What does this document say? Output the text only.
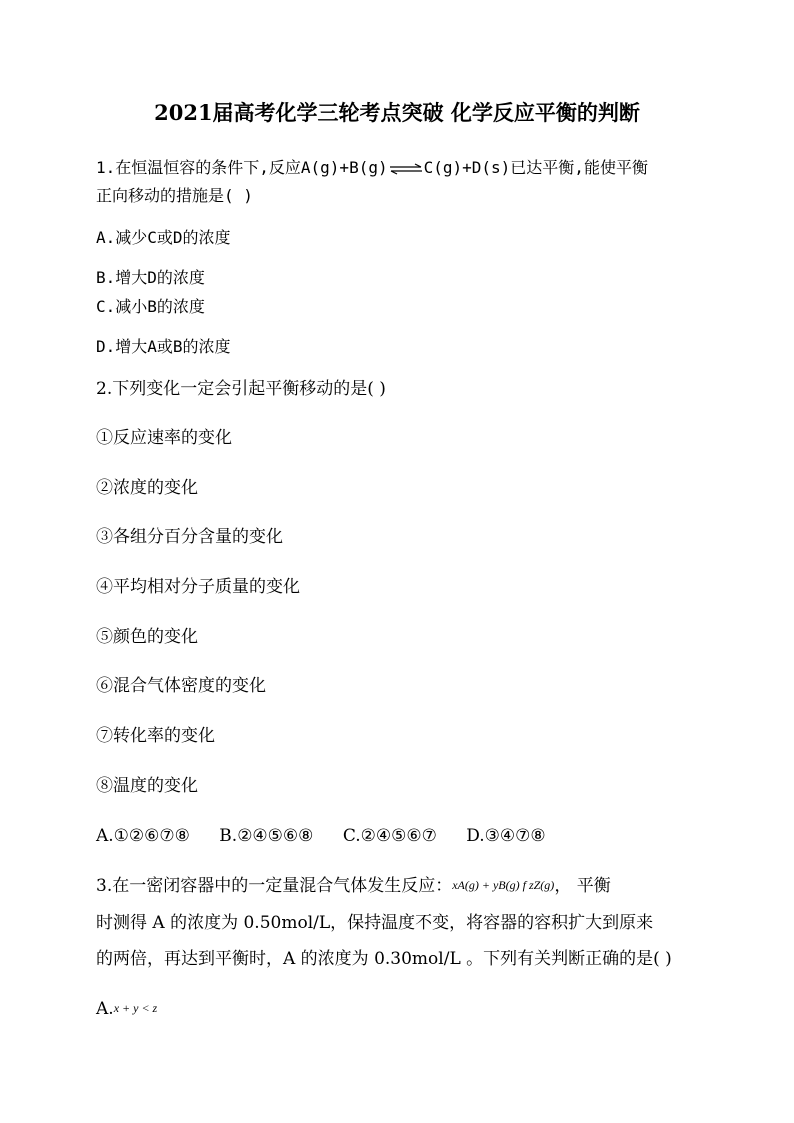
2021届高考化学三轮考点突破 化学反应平衡的判断
1.在恒温恒容的条件下,反应A(g)+B(g)⇌C(g)+D(s)已达平衡,能使平衡
正向移动的措施是( )
A.减少C或D的浓度
B.增大D的浓度
C.减小B的浓度
D.增大A或B的浓度
2.下列变化一定会引起平衡移动的是( )
①反应速率的变化
②浓度的变化
③各组分百分含量的变化
④平均相对分子质量的变化
⑤颜色的变化
⑥混合气体密度的变化
⑦转化率的变化
⑧温度的变化
A.①②⑥⑦⑧ B.②④⑤⑥⑧ C.②④⑤⑥⑦ D.③④⑦⑧
3.在一密闭容器中的一定量混合气体发生反应：xA(g) + yB(g) f zZ(g)， 平衡
时测得 A 的浓度为 0.50mol/L，保持温度不变，将容器的容积扩大到原来
的两倍，再达到平衡时，A 的浓度为 0.30mol/L 。下列有关判断正确的是( )
A.x + y < z
